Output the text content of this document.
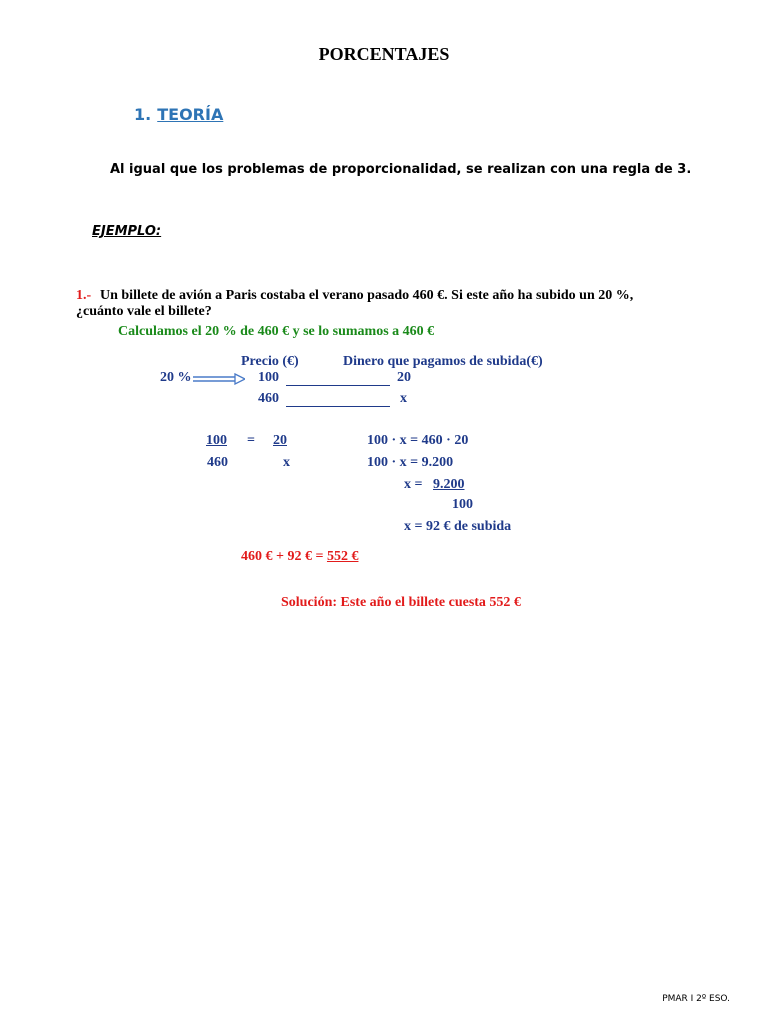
PORCENTAJES
1. TEORÍA
Al igual que los problemas de proporcionalidad, se realizan con una regla de 3.
EJEMPLO:
1.- Un billete de avión a Paris costaba el verano pasado 460 €. Si este año ha subido un 20 %,
¿cuánto vale el billete?
Calculamos el 20 % de 460 € y se lo sumamos a 460 €
Precio (€)	Dinero que pagamos de subida(€)
20 %	100	20
460	x
100 = 20
460	x
100 · x = 460 · 20
100 · x = 9.200
x = 9.200
100
x = 92 € de subida
460 € + 92 € = 552 €
Solución: Este año el billete cuesta 552 €
PMAR I 2º ESO.
